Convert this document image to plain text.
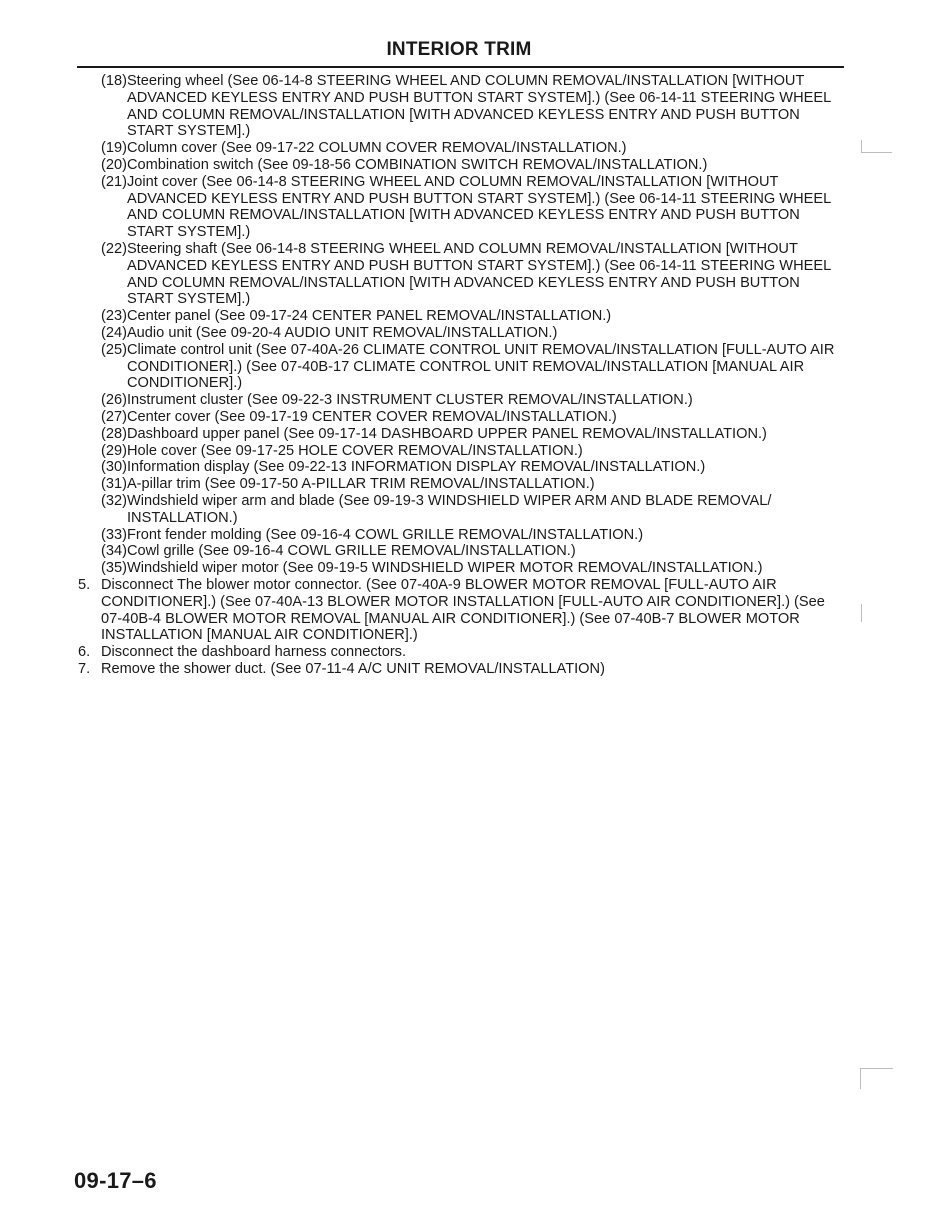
INTERIOR TRIM

(18)Steering wheel (See 06-14-8 STEERING WHEEL AND COLUMN REMOVAL/INSTALLATION [WITHOUT ADVANCED KEYLESS ENTRY AND PUSH BUTTON START SYSTEM].) (See 06-14-11 STEERING WHEEL AND COLUMN REMOVAL/INSTALLATION [WITH ADVANCED KEYLESS ENTRY AND PUSH BUTTON START SYSTEM].)

(19)Column cover (See 09-17-22 COLUMN COVER REMOVAL/INSTALLATION.)

(20)Combination switch (See 09-18-56 COMBINATION SWITCH REMOVAL/INSTALLATION.)

(21)Joint cover (See 06-14-8 STEERING WHEEL AND COLUMN REMOVAL/INSTALLATION [WITHOUT ADVANCED KEYLESS ENTRY AND PUSH BUTTON START SYSTEM].) (See 06-14-11 STEERING WHEEL AND COLUMN REMOVAL/INSTALLATION [WITH ADVANCED KEYLESS ENTRY AND PUSH BUTTON START SYSTEM].)

(22)Steering shaft (See 06-14-8 STEERING WHEEL AND COLUMN REMOVAL/INSTALLATION [WITHOUT ADVANCED KEYLESS ENTRY AND PUSH BUTTON START SYSTEM].) (See 06-14-11 STEERING WHEEL AND COLUMN REMOVAL/INSTALLATION [WITH ADVANCED KEYLESS ENTRY AND PUSH BUTTON START SYSTEM].)

(23)Center panel (See 09-17-24 CENTER PANEL REMOVAL/INSTALLATION.)

(24)Audio unit (See 09-20-4 AUDIO UNIT REMOVAL/INSTALLATION.)

(25)Climate control unit (See 07-40A-26 CLIMATE CONTROL UNIT REMOVAL/INSTALLATION [FULL-AUTO AIR CONDITIONER].) (See 07-40B-17 CLIMATE CONTROL UNIT REMOVAL/INSTALLATION [MANUAL AIR CONDITIONER].)

(26)Instrument cluster (See 09-22-3 INSTRUMENT CLUSTER REMOVAL/INSTALLATION.)

(27)Center cover (See 09-17-19 CENTER COVER REMOVAL/INSTALLATION.)

(28)Dashboard upper panel (See 09-17-14 DASHBOARD UPPER PANEL REMOVAL/INSTALLATION.)

(29)Hole cover (See 09-17-25 HOLE COVER REMOVAL/INSTALLATION.)

(30)Information display (See 09-22-13 INFORMATION DISPLAY REMOVAL/INSTALLATION.)

(31)A-pillar trim (See 09-17-50 A-PILLAR TRIM REMOVAL/INSTALLATION.)

(32)Windshield wiper arm and blade (See 09-19-3 WINDSHIELD WIPER ARM AND BLADE REMOVAL/ INSTALLATION.)

(33)Front fender molding (See 09-16-4 COWL GRILLE REMOVAL/INSTALLATION.)

(34)Cowl grille (See 09-16-4 COWL GRILLE REMOVAL/INSTALLATION.)

(35)Windshield wiper motor (See 09-19-5 WINDSHIELD WIPER MOTOR REMOVAL/INSTALLATION.)

5. Disconnect The blower motor connector. (See 07-40A-9 BLOWER MOTOR REMOVAL [FULL-AUTO AIR CONDITIONER].) (See 07-40A-13 BLOWER MOTOR INSTALLATION [FULL-AUTO AIR CONDITIONER].) (See 07-40B-4 BLOWER MOTOR REMOVAL [MANUAL AIR CONDITIONER].) (See 07-40B-7 BLOWER MOTOR INSTALLATION [MANUAL AIR CONDITIONER].)
6. Disconnect the dashboard harness connectors.
7. Remove the shower duct. (See 07-11-4 A/C UNIT REMOVAL/INSTALLATION)
09-17–6
